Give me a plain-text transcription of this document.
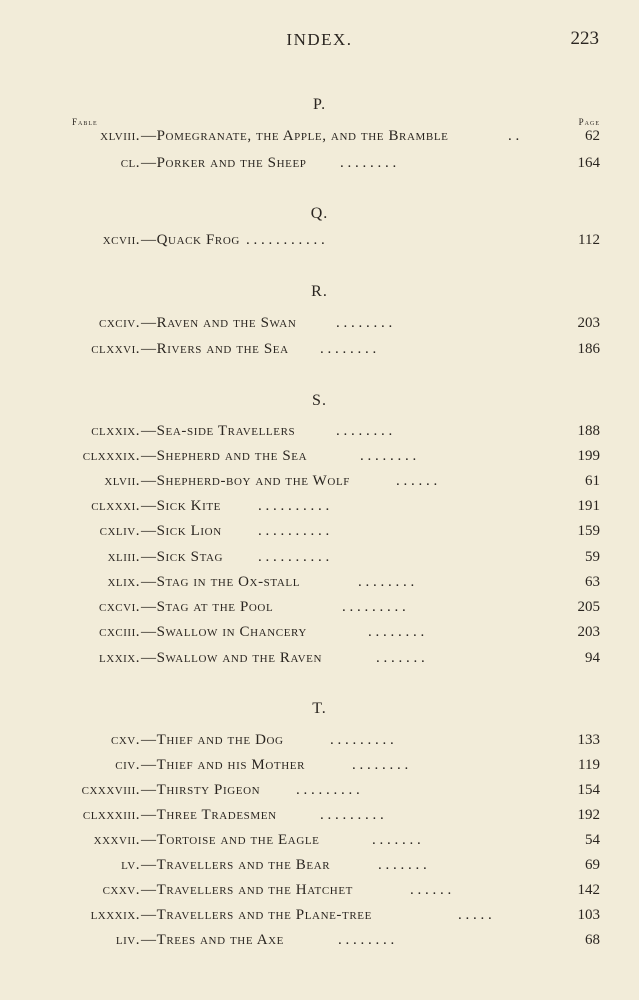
INDEX.	223
P.
Fable	Page
xlviii. —Pomegranate, the Apple, and the Bramble	. .	62
cl. —Porker and the Sheep . . . . . . . .	164
Q.
xcvii. —Quack Frog . . . . . . . . . . .	112
R.
cxciv. —Raven and the Swan	. . . . . . . .	203
clxxvi. —Rivers and the Sea . . . . . . . .	186
S.
clxxix. —Sea-side Travellers	. . . . . . . .	188
clxxxix. —Shepherd and the Sea	. . . . . . . .	199
xlvii. —Shepherd-boy and the Wolf	. . . . . .	61
clxxxi. —Sick Kite . . . . . . . . . .	191
cxliv. —Sick Lion . . . . . . . . . .	159
xliii. —Sick Stag . . . . . . . . . .	59
xlix. —Stag in the Ox-stall	. . . . . . . .	63
cxcvi. —Stag at the Pool	. . . . . . . . .	205
cxciii. —Swallow in Chancery	. . . . . . . .	203
lxxix. —Swallow and the Raven	. . . . . . .	94
T.
cxv. —Thief and the Dog	. . . . . . . . .	133
civ. —Thief and his Mother	. . . . . . . .	119
cxxxviii. —Thirsty Pigeon . . . . . . . . .	154
clxxxiii. —Three Tradesmen	. . . . . . . . .	192
xxxvii. —Tortoise and the Eagle	. . . . . . .	54
lv. —Travellers and the Bear	. . . . . . .	69
cxxv. —Travellers and the Hatchet	. . . . . .	142
lxxxix. —Travellers and the Plane-tree	. . . . .	103
liv. —Trees and the Axe	. . . . . . . .	68
